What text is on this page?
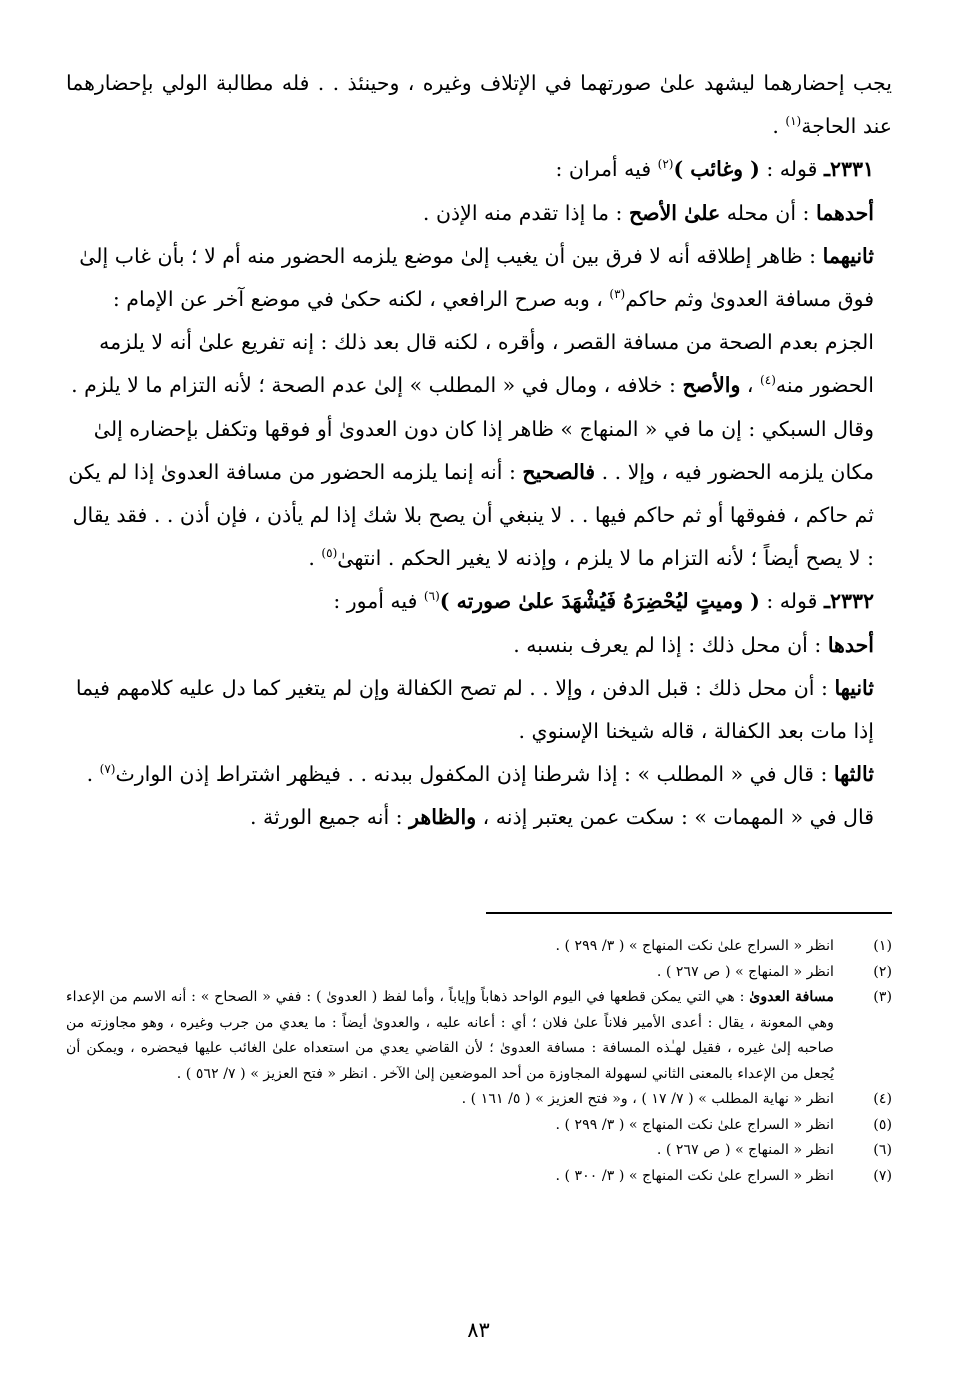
يجب إحضارهما ليشهد علىٰ صورتهما في الإتلاف وغيره ، وحينئذ . . فله مطالبة الولي بإحضارهما عند الحاجة$^{(١)}$ .

٢٣٣١ـ قوله : ( وغائب )$^{(٢)}$ فيه أمران :

أحدهما : أن محله علىٰ الأصح : ما إذا تقدم منه الإذن .

ثانيهما : ظاهر إطلاقه أنه لا فرق بين أن يغيب إلىٰ موضع يلزمه الحضور منه أم لا ؛ بأن غاب إلىٰ فوق مسافة العدوىٰ وثم حاكم$^{(٣)}$ ، وبه صرح الرافعي ، لكنه حكىٰ في موضع آخر عن الإمام : الجزم بعدم الصحة من مسافة القصر ، وأقره ، لكنه قال بعد ذلك : إنه تفريع علىٰ أنه لا يلزمه الحضور منه$^{(٤)}$ ، والأصح : خلافه ، ومال في « المطلب » إلىٰ عدم الصحة ؛ لأنه التزام ما لا يلزم .

وقال السبكي : إن ما في « المنهاج » ظاهر إذا كان دون العدوىٰ أو فوقها وتكفل بإحضاره إلىٰ مكان يلزمه الحضور فيه ، وإلا . . فالصحيح : أنه إنما يلزمه الحضور من مسافة العدوىٰ إذا لم يكن ثم حاكم ، ففوقها أو ثم حاكم فيها . . لا ينبغي أن يصح بلا شك إذا لم يأذن ، فإن أذن . . فقد يقال : لا يصح أيضاً ؛ لأنه التزام ما لا يلزم ، وإذنه لا يغير الحكم . انتهىٰ$^{(٥)}$ .

٢٣٣٢ـ قوله : ( وميتٍ ليُحْضِرَهُ فَيُشْهَدَ علىٰ صورته )$^{(٦)}$ فيه أمور :

أحدها : أن محل ذلك : إذا لم يعرف بنسبه .

ثانيها : أن محل ذلك : قبل الدفن ، وإلا . . لم تصح الكفالة وإن لم يتغير كما دل عليه كلامهم فيما إذا مات بعد الكفالة ، قاله شيخنا الإسنوي .

ثالثها : قال في « المطلب » : إذا شرطنا إذن المكفول ببدنه . . فيظهر اشتراط إذن الوارث$^{(٧)}$ .

قال في « المهمات » : سكت عمن يعتبر إذنه ، والظاهر : أنه جميع الورثة .

(١)
انظر « السراج علىٰ نكت المنهاج » ( ٣/ ٢٩٩ ) .
(٢)
انظر « المنهاج » ( ص ٢٦٧ ) .
(٣)
مسافة العدوىٰ : هي التي يمكن قطعها في اليوم الواحد ذهاباً وإياباً ، وأما لفظ ( العدوىٰ ) : ففي « الصحاح » : أنه الاسم من الإعداء وهي المعونة ، يقال : أعدى الأمير فلاناً علىٰ فلان ؛ أي : أعانه عليه ، والعدوىٰ أيضاً : ما يعدي من جرب وغيره ، وهو مجاوزته من صاحبه إلىٰ غيره ، فقيل لهـٰذه المسافة : مسافة العدوىٰ ؛ لأن القاضي يعدي من استعداه علىٰ الغائب عليها فيحضره ، ويمكن أن يُجعل من الإعداء بالمعنى الثاني لسهولة المجاوزة من أحد الموضعين إلىٰ الآخر . انظر « فتح العزيز » ( ٧/ ٥٦٢ ) .
(٤)
انظر « نهاية المطلب » ( ٧/ ١٧ ) ، و« فتح العزيز » ( ٥/ ١٦١ ) .
(٥)
انظر « السراج علىٰ نكت المنهاج » ( ٣/ ٢٩٩ ) .
(٦)
انظر « المنهاج » ( ص ٢٦٧ ) .
(٧)
انظر « السراج علىٰ نكت المنهاج » ( ٣/ ٣٠٠ ) .
٨٣
